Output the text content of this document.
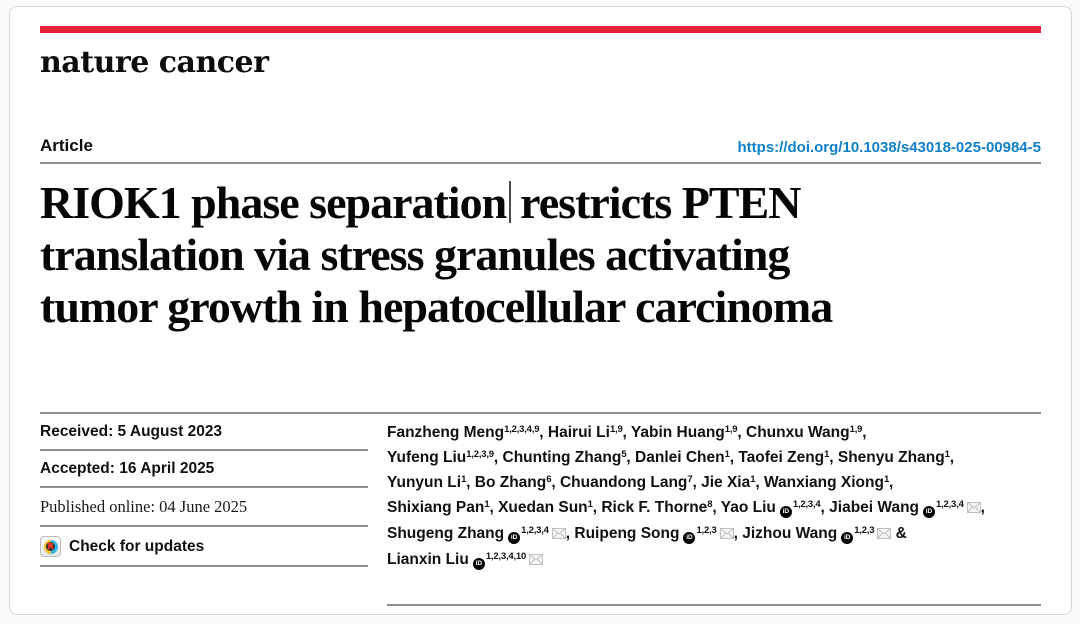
nature cancer
Article	https://doi.org/10.1038/s43018-025-00984-5
RIOK1 phase separation restricts PTEN
translation via stress granules activating
tumor growth in hepatocellular carcinoma
Received: 5 August 2023
Accepted: 16 April 2025
Published online: 04 June 2025
Check for updates
Fanzheng Meng$^{1,2,3,4,9}$, Hairui Li$^{1,9}$, Yabin Huang$^{1,9}$, Chunxu Wang$^{1,9}$,
Yufeng Liu$^{1,2,3,9}$, Chunting Zhang$^5$, Danlei Chen$^1$, Taofei Zeng$^1$, Shenyu Zhang$^1$,
Yunyun Li$^1$, Bo Zhang$^6$, Chuandong Lang$^7$, Jie Xia$^1$, Wanxiang Xiong$^1$,
Shixiang Pan$^1$, Xuedan Sun$^1$, Rick F. Thorne$^8$, Yao Liu iD$^{1,2,3,4}$, Jiabei Wang iD$^{1,2,3,4}$ ,
Shugeng Zhang iD$^{1,2,3,4}$ , Ruipeng Song iD$^{1,2,3}$ , Jizhou Wang iD$^{1,2,3}$ &
Lianxin Liu iD$^{1,2,3,4,10}$
